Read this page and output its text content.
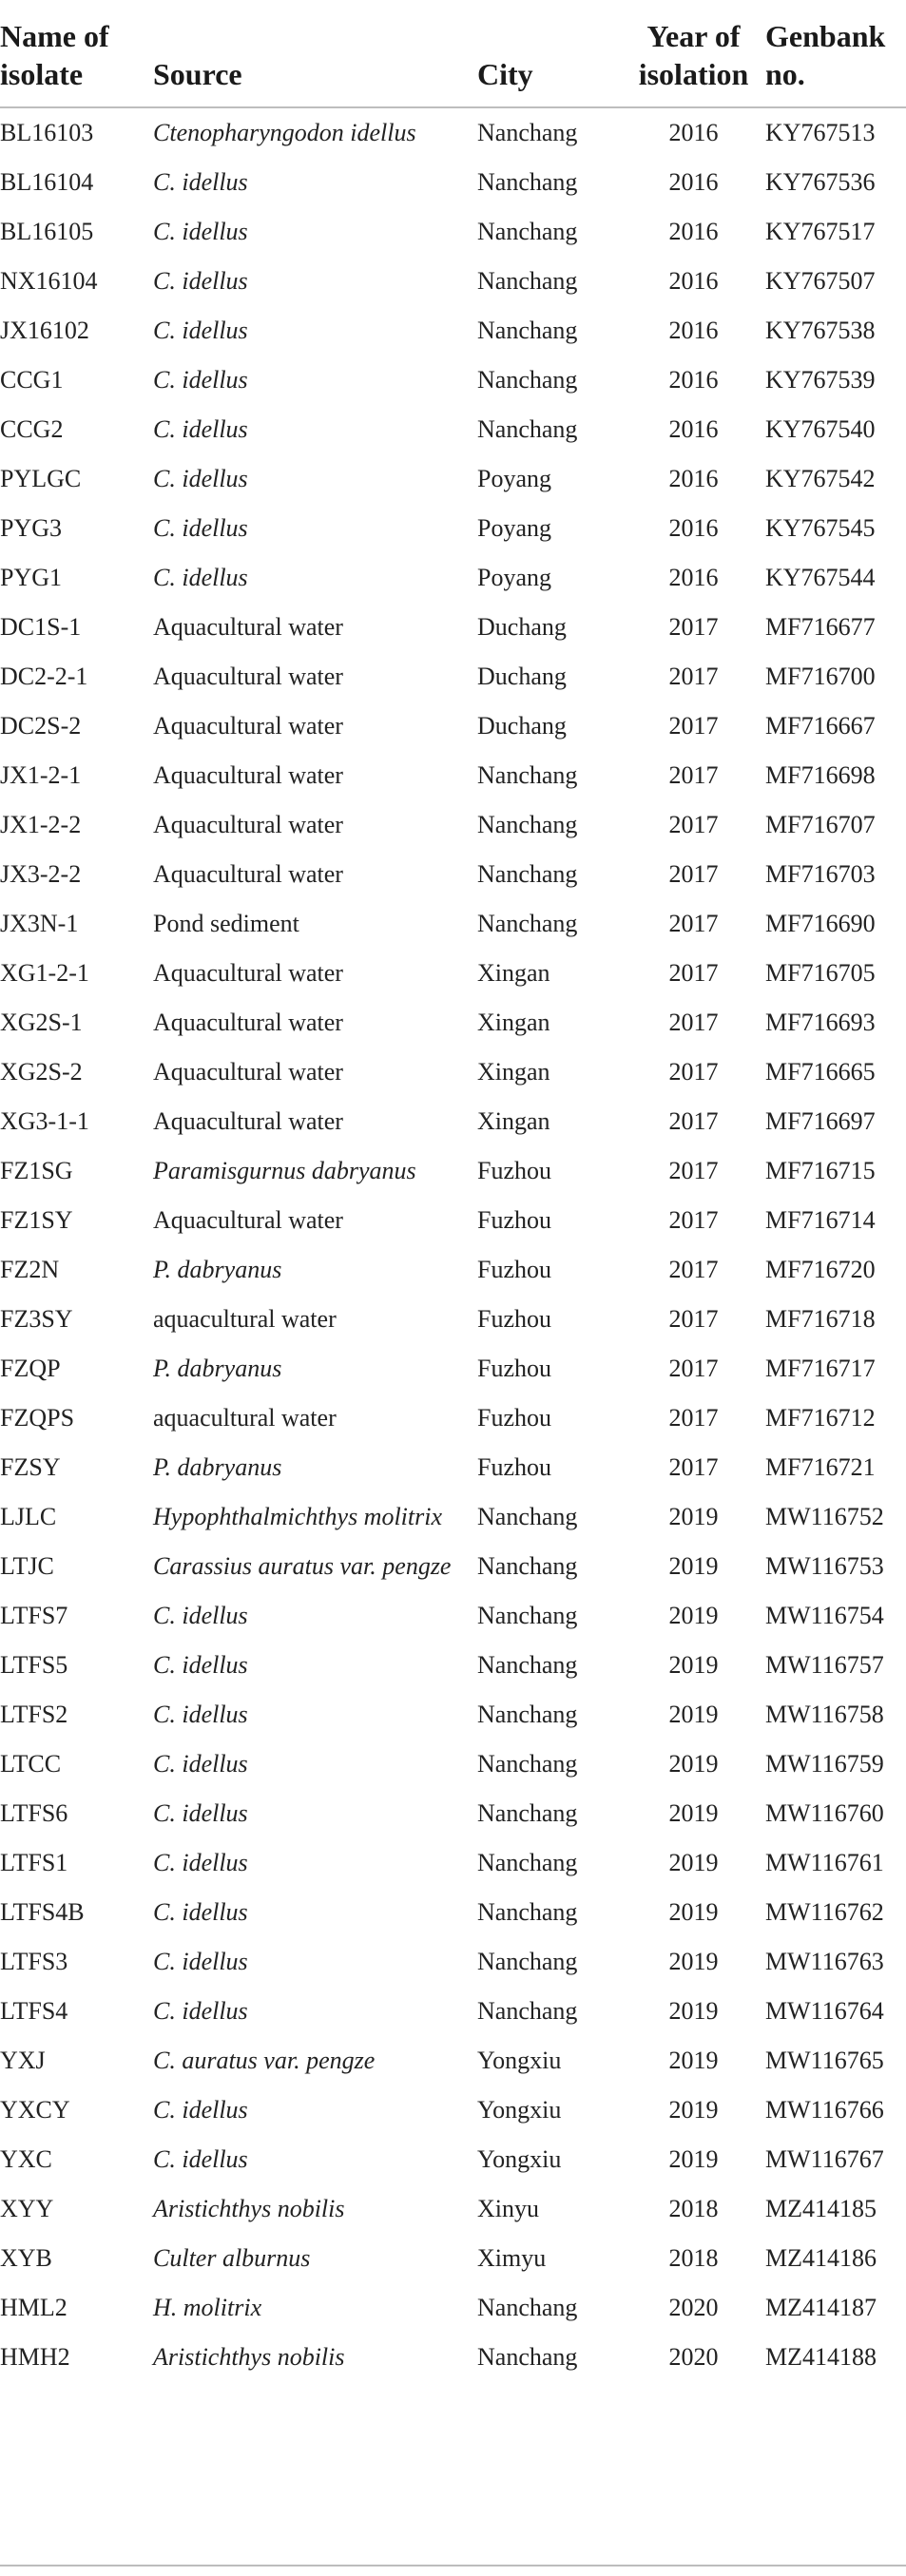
Name of isolate	Source	City	Year of isolation	Genbank no.
BL16103	Ctenopharyngodon idellus	Nanchang	2016	KY767513
BL16104	C. idellus	Nanchang	2016	KY767536
BL16105	C. idellus	Nanchang	2016	KY767517
NX16104	C. idellus	Nanchang	2016	KY767507
JX16102	C. idellus	Nanchang	2016	KY767538
CCG1	C. idellus	Nanchang	2016	KY767539
CCG2	C. idellus	Nanchang	2016	KY767540
PYLGC	C. idellus	Poyang	2016	KY767542
PYG3	C. idellus	Poyang	2016	KY767545
PYG1	C. idellus	Poyang	2016	KY767544
DC1S-1	Aquacultural water	Duchang	2017	MF716677
DC2-2-1	Aquacultural water	Duchang	2017	MF716700
DC2S-2	Aquacultural water	Duchang	2017	MF716667
JX1-2-1	Aquacultural water	Nanchang	2017	MF716698
JX1-2-2	Aquacultural water	Nanchang	2017	MF716707
JX3-2-2	Aquacultural water	Nanchang	2017	MF716703
JX3N-1	Pond sediment	Nanchang	2017	MF716690
XG1-2-1	Aquacultural water	Xingan	2017	MF716705
XG2S-1	Aquacultural water	Xingan	2017	MF716693
XG2S-2	Aquacultural water	Xingan	2017	MF716665
XG3-1-1	Aquacultural water	Xingan	2017	MF716697
FZ1SG	Paramisgurnus dabryanus	Fuzhou	2017	MF716715
FZ1SY	Aquacultural water	Fuzhou	2017	MF716714
FZ2N	P. dabryanus	Fuzhou	2017	MF716720
FZ3SY	aquacultural water	Fuzhou	2017	MF716718
FZQP	P. dabryanus	Fuzhou	2017	MF716717
FZQPS	aquacultural water	Fuzhou	2017	MF716712
FZSY	P. dabryanus	Fuzhou	2017	MF716721
LJLC	Hypophthalmichthys molitrix	Nanchang	2019	MW116752
LTJC	Carassius auratus var. pengze	Nanchang	2019	MW116753
LTFS7	C. idellus	Nanchang	2019	MW116754
LTFS5	C. idellus	Nanchang	2019	MW116757
LTFS2	C. idellus	Nanchang	2019	MW116758
LTCC	C. idellus	Nanchang	2019	MW116759
LTFS6	C. idellus	Nanchang	2019	MW116760
LTFS1	C. idellus	Nanchang	2019	MW116761
LTFS4B	C. idellus	Nanchang	2019	MW116762
LTFS3	C. idellus	Nanchang	2019	MW116763
LTFS4	C. idellus	Nanchang	2019	MW116764
YXJ	C. auratus var. pengze	Yongxiu	2019	MW116765
YXCY	C. idellus	Yongxiu	2019	MW116766
YXC	C. idellus	Yongxiu	2019	MW116767
XYY	Aristichthys nobilis	Xinyu	2018	MZ414185
XYB	Culter alburnus	Ximyu	2018	MZ414186
HML2	H. molitrix	Nanchang	2020	MZ414187
HMH2	Aristichthys nobilis	Nanchang	2020	MZ414188
